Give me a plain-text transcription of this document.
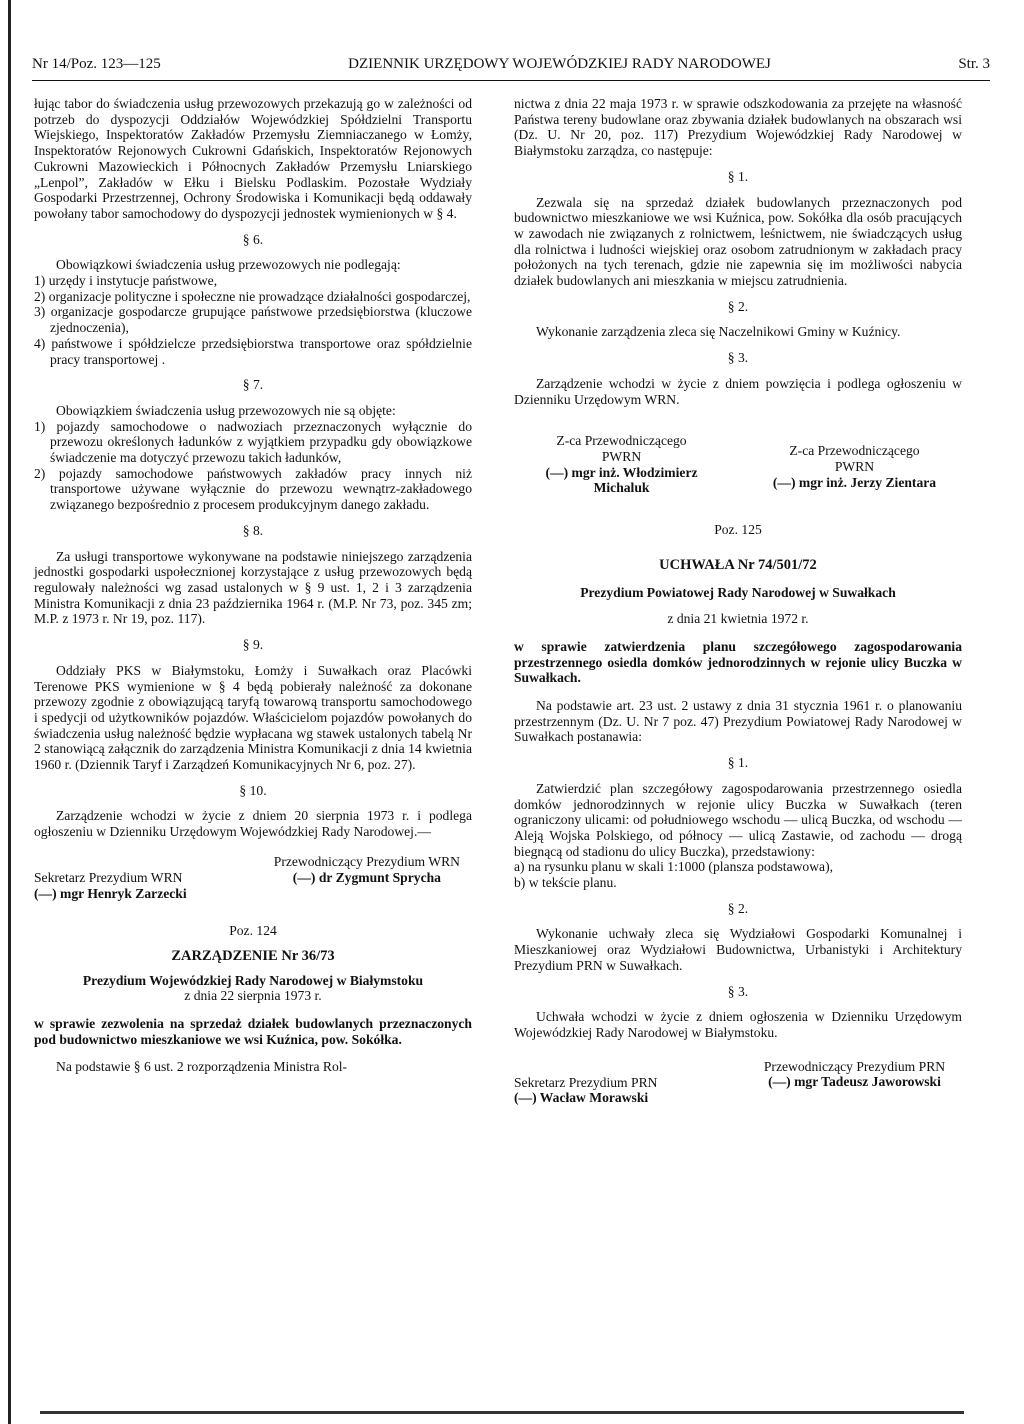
Nr 14/Poz. 123—125	DZIENNIK URZĘDOWY WOJEWÓDZKIEJ RADY NARODOWEJ	Str. 3

łując tabor do świadczenia usług przewozowych przekazują go w zależności od potrzeb do dyspozycji Oddziałów Wojewódzkiej Spółdzielni Transportu Wiejskiego, Inspektoratów Zakładów Przemysłu Ziemniaczanego w Łomży, Inspektoratów Rejonowych Cukrowni Gdańskich, Inspektoratów Rejonowych Cukrowni Mazowieckich i Północnych Zakładów Przemysłu Lniarskiego „Lenpol”, Zakładów w Ełku i Bielsku Podlaskim. Pozostałe Wydziały Gospodarki Przestrzennej, Ochrony Środowiska i Komunikacji będą oddawały powołany tabor samochodowy do dyspozycji jednostek wymienionych w § 4.

§ 6.

Obowiązkowi świadczenia usług przewozowych nie podlegają:

1) urzędy i instytucje państwowe,

2) organizacje polityczne i społeczne nie prowadzące działalności gospodarczej,

3) organizacje gospodarcze grupujące państwowe przedsiębiorstwa (kluczowe zjednoczenia),

4) państwowe i spółdzielcze przedsiębiorstwa transportowe oraz spółdzielnie pracy transportowej .

§ 7.

Obowiązkiem świadczenia usług przewozowych nie są objęte:

1) pojazdy samochodowe o nadwoziach przeznaczonych wyłącznie do przewozu określonych ładunków z wyjątkiem przypadku gdy obowiązkowe świadczenie ma dotyczyć przewozu takich ładunków,

2) pojazdy samochodowe państwowych zakładów pracy innych niż transportowe używane wyłącznie do przewozu wewnątrz-zakładowego związanego bezpośrednio z procesem produkcyjnym danego zakładu.

§ 8.

Za usługi transportowe wykonywane na podstawie niniejszego zarządzenia jednostki gospodarki uspołecznionej korzystające z usług przewozowych będą regulowały należności wg zasad ustalonych w § 9 ust. 1, 2 i 3 zarządzenia Ministra Komunikacji z dnia 23 października 1964 r. (M.P. Nr 73, poz. 345 zm; M.P. z 1973 r. Nr 19, poz. 117).

§ 9.

Oddziały PKS w Białymstoku, Łomży i Suwałkach oraz Placówki Terenowe PKS wymienione w § 4 będą pobierały należność za dokonane przewozy zgodnie z obowiązującą taryfą towarową transportu samochodowego i spedycji od użytkowników pojazdów. Właścicielom pojazdów powołanych do świadczenia usług należność będzie wypłacana wg stawek ustalonych tabelą Nr 2 stanowiącą załącznik do zarządzenia Ministra Komunikacji z dnia 14 kwietnia 1960 r. (Dziennik Taryf i Zarządzeń Komunikacyjnych Nr 6, poz. 27).

§ 10.

Zarządzenie wchodzi w życie z dniem 20 sierpnia 1973 r. i podlega ogłoszeniu w Dzienniku Urzędowym Wojewódzkiej Rady Narodowej.—

Sekretarz Prezydium WRN
(—) mgr Henryk Zarzecki
Przewodniczący Prezydium WRN
(—) dr Zygmunt Sprycha
Poz. 124
ZARZĄDZENIE Nr 36/73
Prezydium Wojewódzkiej Rady Narodowej w Białymstoku
z dnia 22 sierpnia 1973 r.

w sprawie zezwolenia na sprzedaż działek budowlanych przeznaczonych pod budownictwo mieszkaniowe we wsi Kuźnica, pow. Sokółka.

Na podstawie § 6 ust. 2 rozporządzenia Ministra Rol-

nictwa z dnia 22 maja 1973 r. w sprawie odszkodowania za przejęte na własność Państwa tereny budowlane oraz zbywania działek budowlanych na obszarach wsi (Dz. U. Nr 20, poz. 117) Prezydium Wojewódzkiej Rady Narodowej w Białymstoku zarządza, co następuje:

§ 1.

Zezwala się na sprzedaż działek budowlanych przeznaczonych pod budownictwo mieszkaniowe we wsi Kuźnica, pow. Sokółka dla osób pracujących w zawodach nie związanych z rolnictwem, leśnictwem, nie świadczących usług dla rolnictwa i ludności wiejskiej oraz osobom zatrudnionym w zakładach pracy położonych na tych terenach, gdzie nie zapewnia się im możliwości nabycia działek budowlanych ani mieszkania w miejscu zatrudnienia.

§ 2.

Wykonanie zarządzenia zleca się Naczelnikowi Gminy w Kuźnicy.

§ 3.

Zarządzenie wchodzi w życie z dniem powzięcia i podlega ogłoszeniu w Dzienniku Urzędowym WRN.

Z-ca Przewodniczącego
PWRN
(—) mgr inż. Włodzimierz
Michaluk
Z-ca Przewodniczącego
PWRN
(—) mgr inż. Jerzy Zientara
Poz. 125
UCHWAŁA Nr 74/501/72
Prezydium Powiatowej Rady Narodowej w Suwałkach
z dnia 21 kwietnia 1972 r.

w sprawie zatwierdzenia planu szczegółowego zagospodarowania przestrzennego osiedla domków jednorodzinnych w rejonie ulicy Buczka w Suwałkach.

Na podstawie art. 23 ust. 2 ustawy z dnia 31 stycznia 1961 r. o planowaniu przestrzennym (Dz. U. Nr 7 poz. 47) Prezydium Powiatowej Rady Narodowej w Suwałkach postanawia:

§ 1.

Zatwierdzić plan szczegółowy zagospodarowania przestrzennego osiedla domków jednorodzinnych w rejonie ulicy Buczka w Suwałkach (teren ograniczony ulicami: od południowego wschodu — ulicą Buczka, od wschodu — Aleją Wojska Polskiego, od północy — ulicą Zastawie, od zachodu — drogą biegnącą od stadionu do ulicy Buczka), przedstawiony:

a) na rysunku planu w skali 1:1000 (plansza podstawowa),

b) w tekście planu.

§ 2.

Wykonanie uchwały zleca się Wydziałowi Gospodarki Komunalnej i Mieszkaniowej oraz Wydziałowi Budownictwa, Urbanistyki i Architektury Prezydium PRN w Suwałkach.

§ 3.

Uchwała wchodzi w życie z dniem ogłoszenia w Dzienniku Urzędowym Wojewódzkiej Rady Narodowej w Białymstoku.

Sekretarz Prezydium PRN
(—) Wacław Morawski
Przewodniczący Prezydium PRN
(—) mgr Tadeusz Jaworowski
